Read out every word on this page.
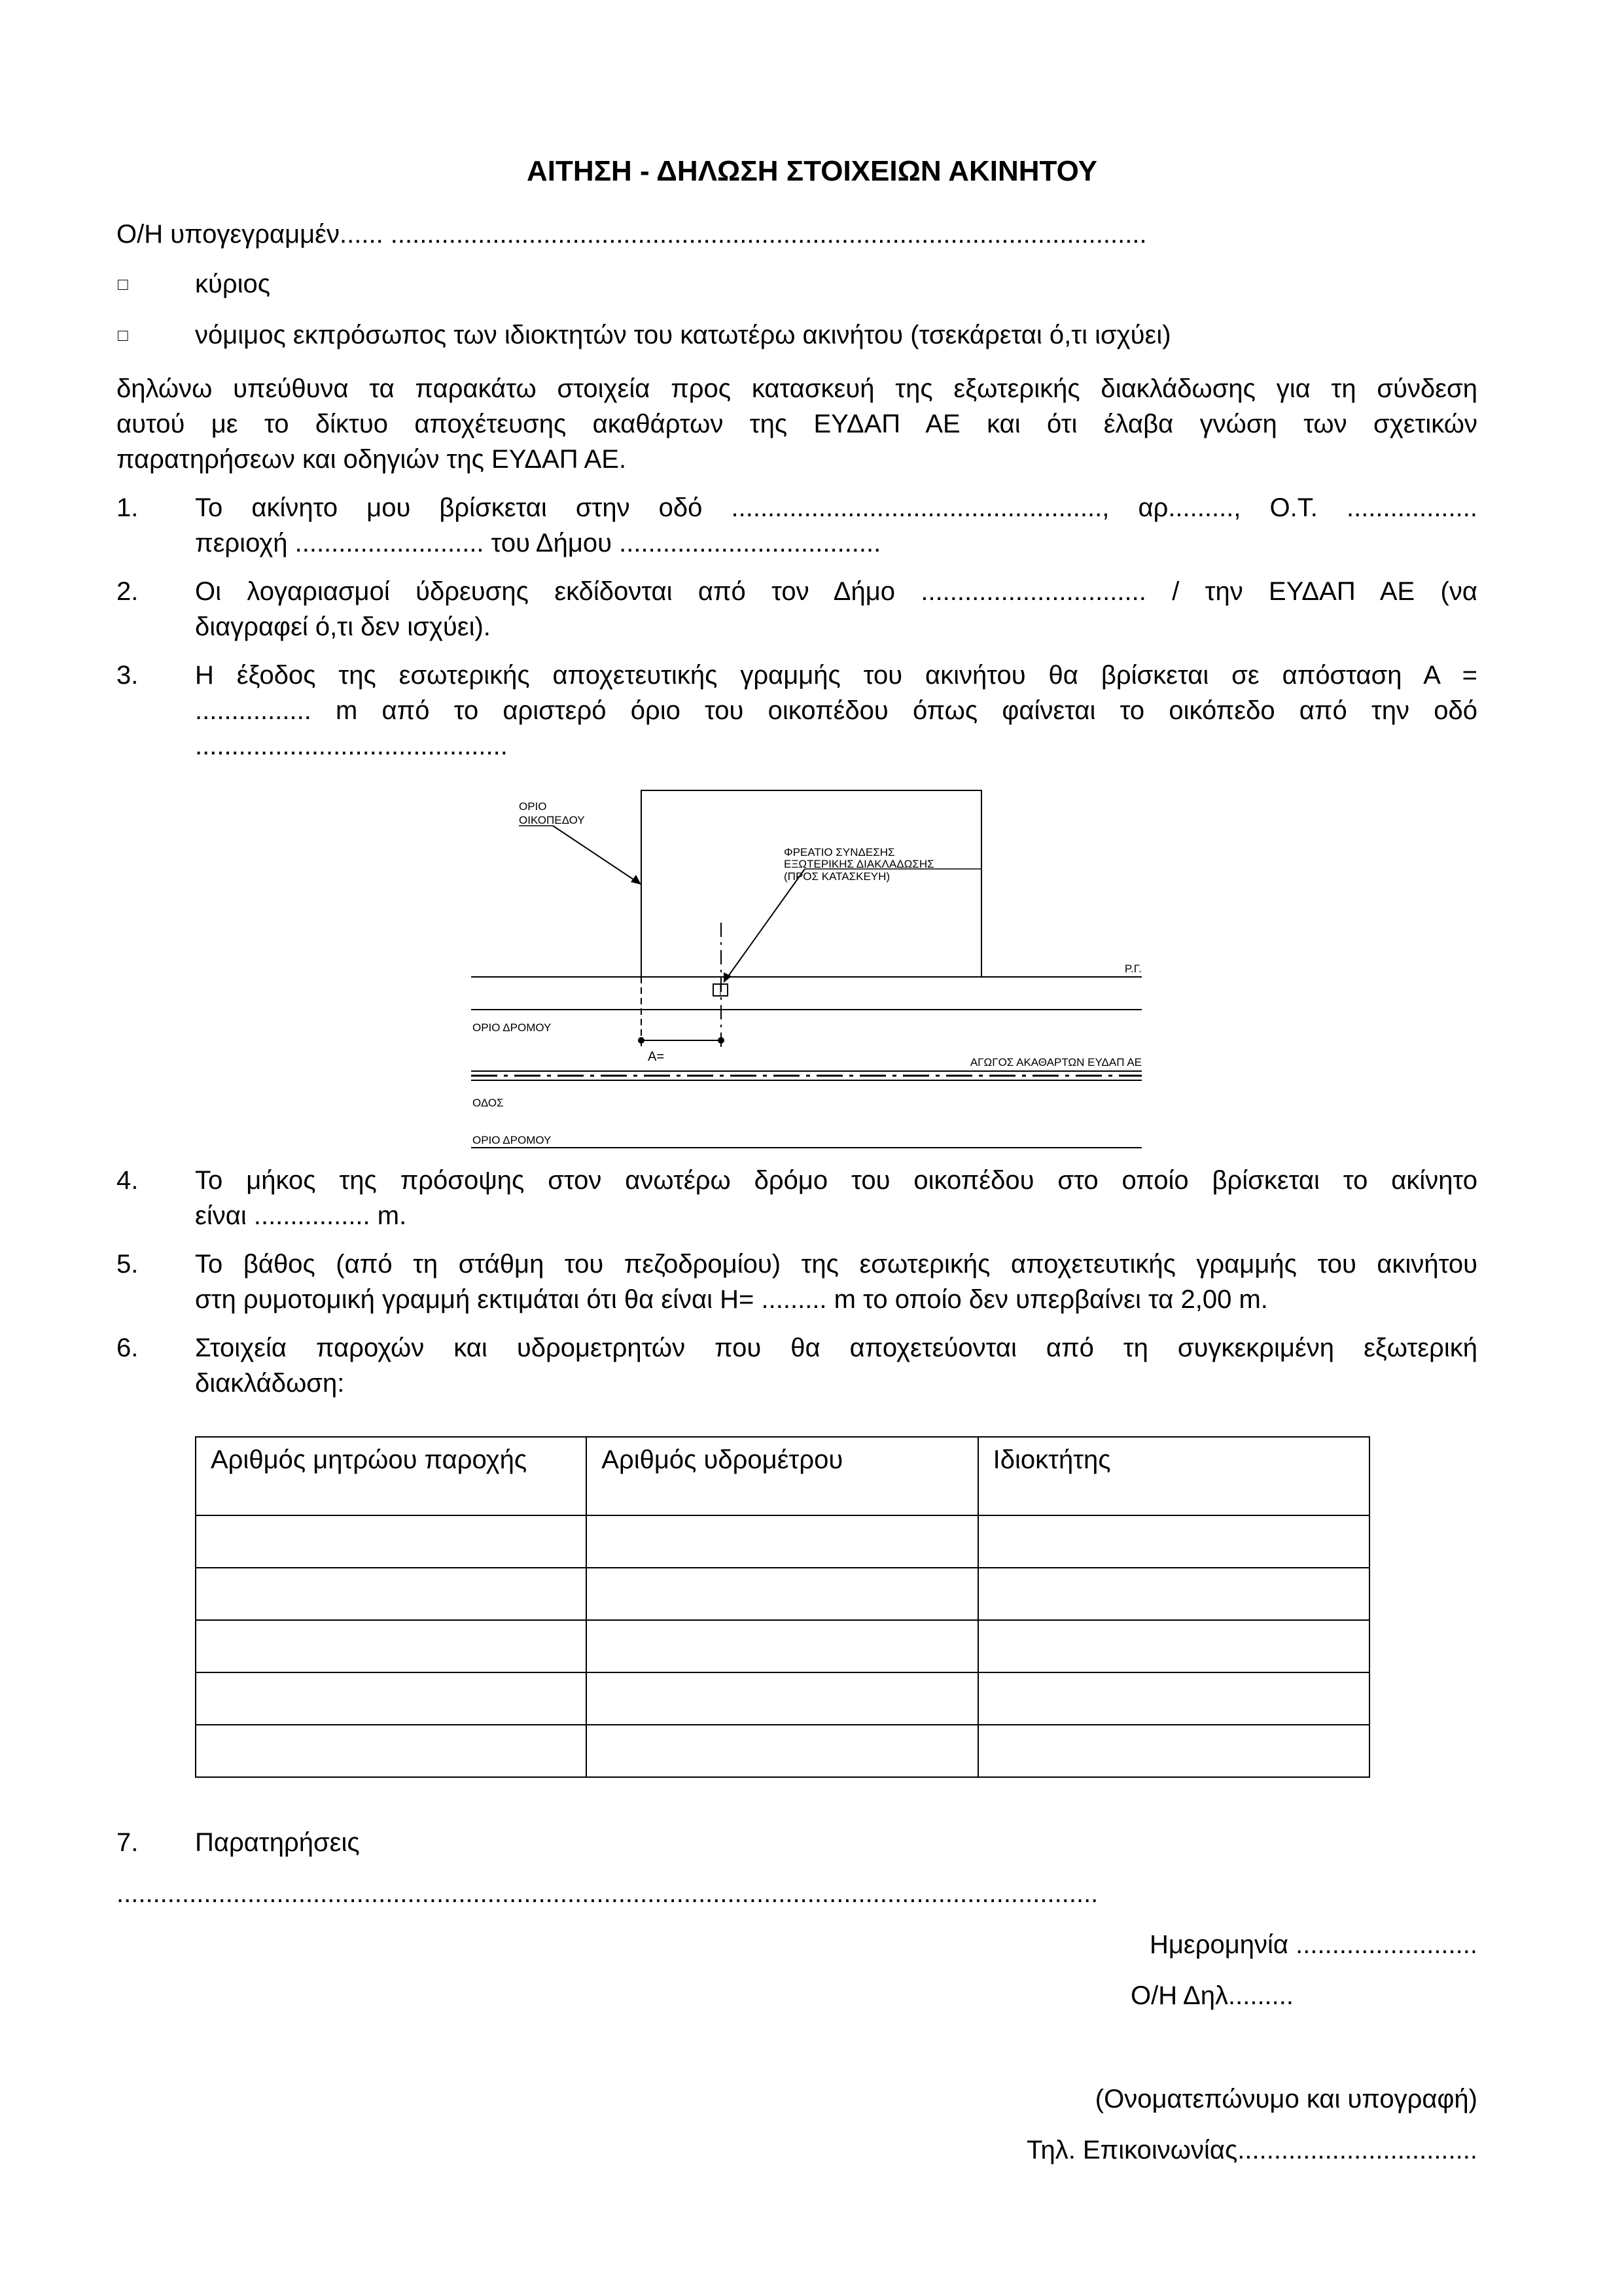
ΑΙΤΗΣΗ - ΔΗΛΩΣΗ ΣΤΟΙΧΕΙΩΝ ΑΚΙΝΗΤΟΥ
Ο/Η υπογεγραμμέν...... ........................................................................................................
□	κύριος
□	νόμιμος εκπρόσωπος των ιδιοκτητών του κατωτέρω ακινήτου (τσεκάρεται ό,τι ισχύει)
δηλώνω υπεύθυνα τα παρακάτω στοιχεία προς κατασκευή της εξωτερικής διακλάδωσης για τη σύνδεση
αυτού με το δίκτυο αποχέτευσης ακαθάρτων της ΕΥΔΑΠ ΑΕ και ότι έλαβα γνώση των σχετικών
παρατηρήσεων και οδηγιών της ΕΥΔΑΠ ΑΕ.
1. Το ακίνητο μου βρίσκεται στην οδό ..................................................., αρ........., Ο.Τ. ..................
περιοχή .......................... του Δήμου ....................................
2. Οι λογαριασμοί ύδρευσης εκδίδονται από τον Δήμο ............................... / την ΕΥΔΑΠ ΑΕ (να
διαγραφεί ό,τι δεν ισχύει).
3. Η έξοδος της εσωτερικής αποχετευτικής γραμμής του ακινήτου θα βρίσκεται σε απόσταση Α =
................ m από το αριστερό όριο του οικοπέδου όπως φαίνεται το οικόπεδο από την οδό
...........................................
ΟΡΙΟ
ΟΙΚΟΠΕΔΟΥ
ΦΡΕΑΤΙΟ ΣΥΝΔΕΣΗΣ
ΕΞΩΤΕΡΙΚΗΣ ΔΙΑΚΛΑΔΩΣΗΣ
(ΠΡΟΣ ΚΑΤΑΣΚΕΥΗ)
Ρ.Γ.
ΟΡΙΟ ΔΡΟΜΟΥ
Α=	ΑΓΩΓΟΣ ΑΚΑΘΑΡΤΩΝ ΕΥΔΑΠ ΑΕ
ΟΔΟΣ
ΟΡΙΟ ΔΡΟΜΟΥ
4. Το μήκος της πρόσοψης στον ανωτέρω δρόμο του οικοπέδου στο οποίο βρίσκεται το ακίνητο
είναι ................ m.
5. Το βάθος (από τη στάθμη του πεζοδρομίου) της εσωτερικής αποχετευτικής γραμμής του ακινήτου
στη ρυμοτομική γραμμή εκτιμάται ότι θα είναι Η= ......... m το οποίο δεν υπερβαίνει τα 2,00 m.
6. Στοιχεία παροχών και υδρομετρητών που θα αποχετεύονται από τη συγκεκριμένη εξωτερική
διακλάδωση:
Αριθμός μητρώου παροχής	Αριθμός υδρομέτρου	Ιδιοκτήτης

7. Παρατηρήσεις
.......................................................................................................................................
Ημερομηνία .........................
Ο/Η Δηλ.........
(Ονοματεπώνυμο και υπογραφή)
Τηλ. Επικοινωνίας.................................
